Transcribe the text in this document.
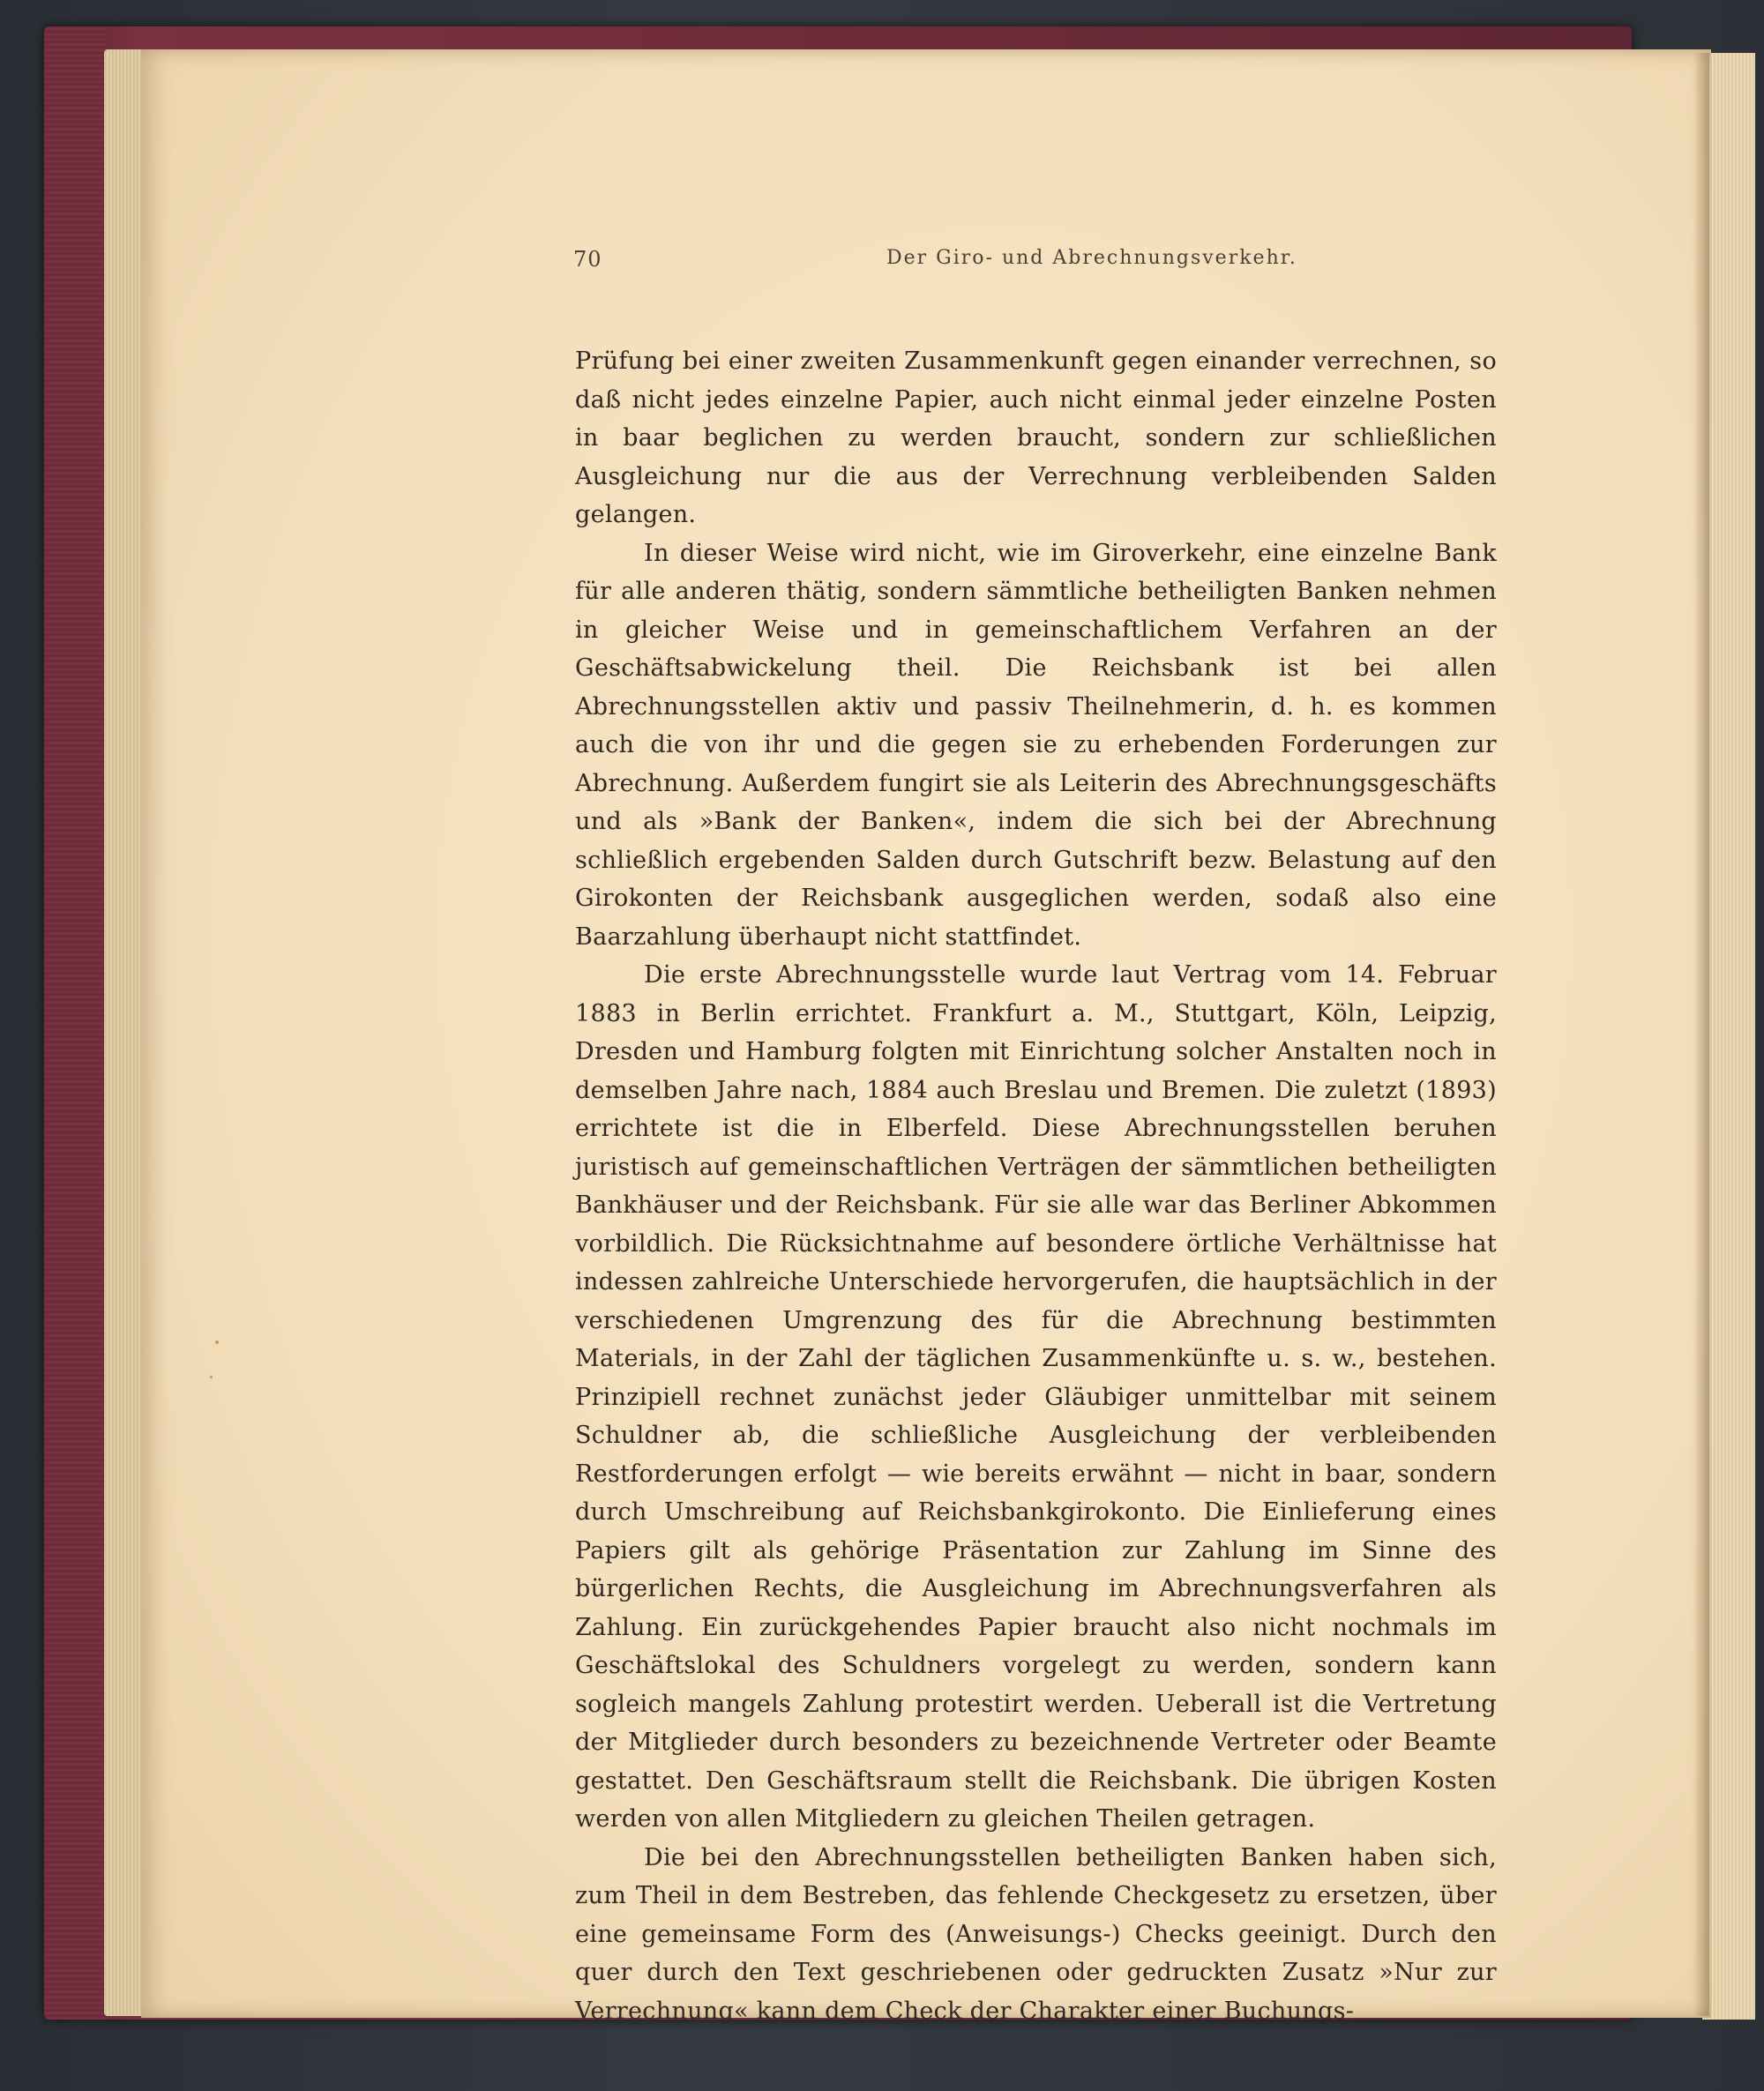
70	Der Giro- und Abrechnungsverkehr.

Prüfung bei einer zweiten Zusammenkunft gegen einander verrechnen, so daß nicht jedes einzelne Papier, auch nicht einmal jeder einzelne Posten in baar beglichen zu werden braucht, sondern zur schließlichen Ausgleichung nur die aus der Verrechnung verbleibenden Salden gelangen.

In dieser Weise wird nicht, wie im Giroverkehr, eine einzelne Bank für alle anderen thätig, sondern sämmtliche betheiligten Banken nehmen in gleicher Weise und in gemeinschaftlichem Verfahren an der Geschäftsabwickelung theil. Die Reichsbank ist bei allen Abrechnungsstellen aktiv und passiv Theilnehmerin, d. h. es kommen auch die von ihr und die gegen sie zu erhebenden Forderungen zur Abrechnung. Außerdem fungirt sie als Leiterin des Abrechnungsgeschäfts und als »Bank der Banken«, indem die sich bei der Abrechnung schließlich ergebenden Salden durch Gutschrift bezw. Belastung auf den Girokonten der Reichsbank ausgeglichen werden, sodaß also eine Baarzahlung überhaupt nicht stattfindet.

Die erste Abrechnungsstelle wurde laut Vertrag vom 14. Februar 1883 in Berlin errichtet. Frankfurt a. M., Stuttgart, Köln, Leipzig, Dresden und Hamburg folgten mit Einrichtung solcher Anstalten noch in demselben Jahre nach, 1884 auch Breslau und Bremen. Die zuletzt (1893) errichtete ist die in Elberfeld. Diese Abrechnungsstellen beruhen juristisch auf gemeinschaftlichen Verträgen der sämmtlichen betheiligten Bankhäuser und der Reichsbank. Für sie alle war das Berliner Abkommen vorbildlich. Die Rücksichtnahme auf besondere örtliche Verhältnisse hat indessen zahlreiche Unterschiede hervorgerufen, die hauptsächlich in der verschiedenen Umgrenzung des für die Abrechnung bestimmten Materials, in der Zahl der täglichen Zusammenkünfte u. s. w., bestehen. Prinzipiell rechnet zunächst jeder Gläubiger unmittelbar mit seinem Schuldner ab, die schließliche Ausgleichung der verbleibenden Restforderungen erfolgt — wie bereits erwähnt — nicht in baar, sondern durch Umschreibung auf Reichsbankgirokonto. Die Einlieferung eines Papiers gilt als gehörige Präsentation zur Zahlung im Sinne des bürgerlichen Rechts, die Ausgleichung im Abrechnungsverfahren als Zahlung. Ein zurückgehendes Papier braucht also nicht nochmals im Geschäftslokal des Schuldners vorgelegt zu werden, sondern kann sogleich mangels Zahlung protestirt werden. Ueberall ist die Vertretung der Mitglieder durch besonders zu bezeichnende Vertreter oder Beamte gestattet. Den Geschäftsraum stellt die Reichsbank. Die übrigen Kosten werden von allen Mitgliedern zu gleichen Theilen getragen.

Die bei den Abrechnungsstellen betheiligten Banken haben sich, zum Theil in dem Bestreben, das fehlende Checkgesetz zu ersetzen, über eine gemeinsame Form des (Anweisungs-) Checks geeinigt. Durch den quer durch den Text geschriebenen oder gedruckten Zusatz »Nur zur Verrechnung« kann dem Check der Charakter einer Buchungs-
